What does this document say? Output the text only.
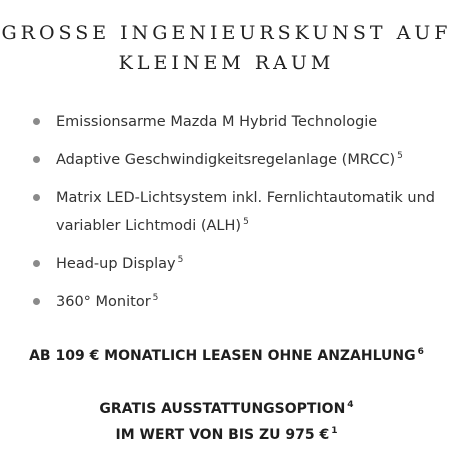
GROSSE INGENIEURSKUNST AUF
KLEINEM RAUM
Emissionsarme Mazda M Hybrid Technologie
Adaptive Geschwindigkeitsregelanlage (MRCC) $^5$
Matrix LED-Lichtsystem inkl. Fernlichtautomatik und variabler Lichtmodi (ALH) $^5$
Head-up Display $^5$
360° Monitor $^5$
AB 109 € MONATLICH LEASEN OHNE ANZAHLUNG $^6$
GRATIS AUSSTATTUNGSOPTION $^4$
IM WERT VON BIS ZU 975 € $^1$
